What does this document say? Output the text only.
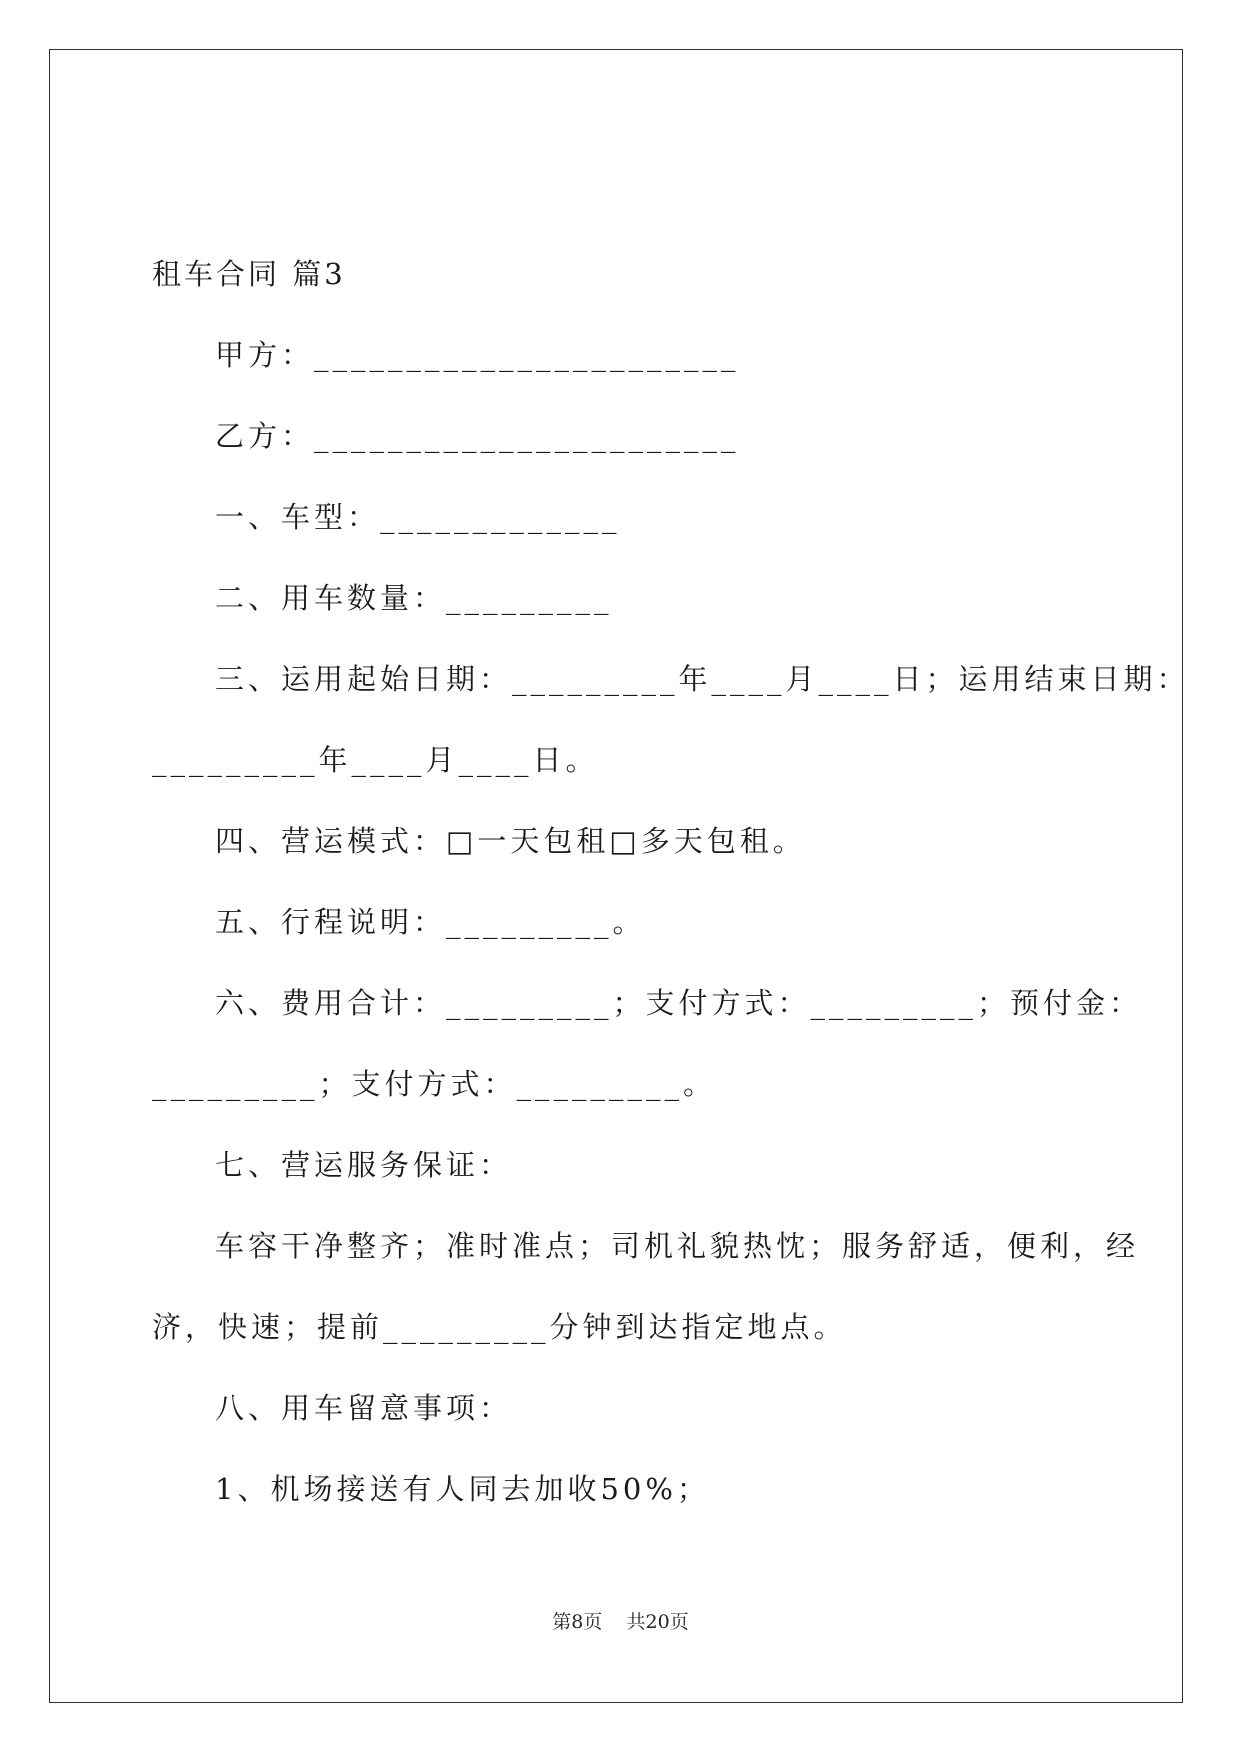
租车合同 篇3
甲方：_______________________
乙方：_______________________
一、车型：_____________
二、用车数量：_________
三、运用起始日期：_________年____月____日；运用结束日期：
_________年____月____日。
四、营运模式：□一天包租□多天包租。
五、行程说明：_________。
六、费用合计：_________；支付方式：_________；预付金：
_________；支付方式：_________。
七、营运服务保证：
车容干净整齐；准时准点；司机礼貌热忱；服务舒适，便利，经
济，快速；提前_________分钟到达指定地点。
八、用车留意事项：
1、机场接送有人同去加收50%；
第8页    共20页
